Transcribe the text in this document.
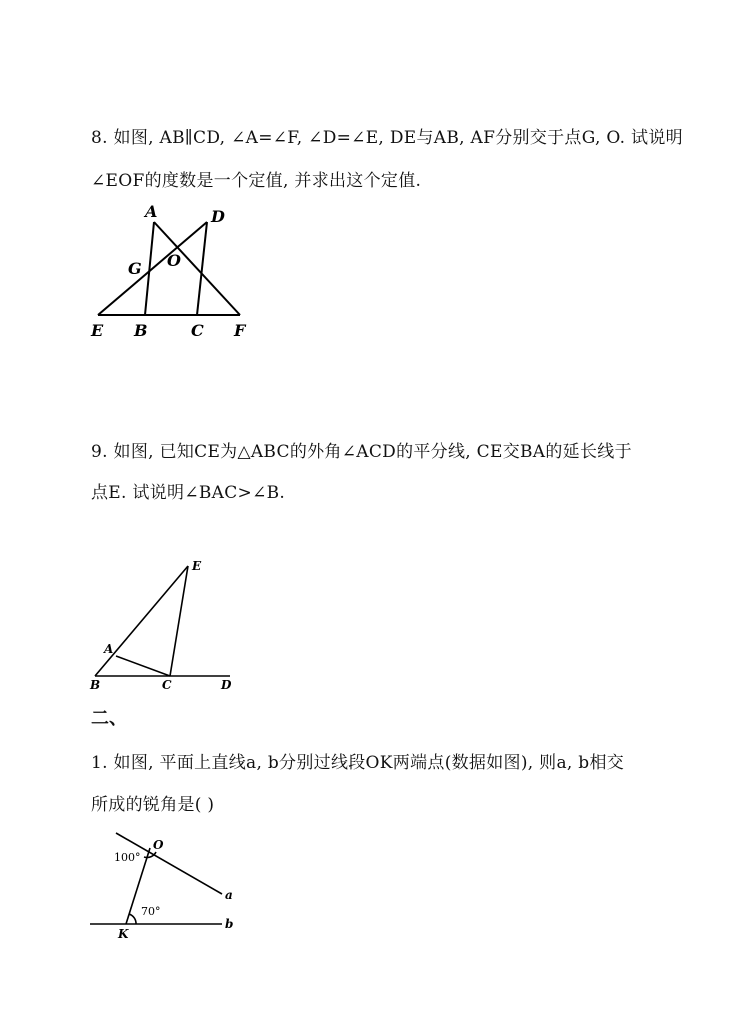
8. 如图, AB∥CD, ∠A=∠F, ∠D=∠E, DE与AB, AF分别交于点G, O. 试说明
∠EOF的度数是一个定值, 并求出这个定值.
A	D
G O
E B	C F
9. 如图, 已知CE为△ABC的外角∠ACD的平分线, CE交BA的延长线于
点E. 试说明∠BAC>∠B.
E
A
B	C	D
二、
1. 如图, 平面上直线a, b分别过线段OK两端点(数据如图), 则a, b相交
所成的锐角是( )
O
K
a
b
100°
70°
